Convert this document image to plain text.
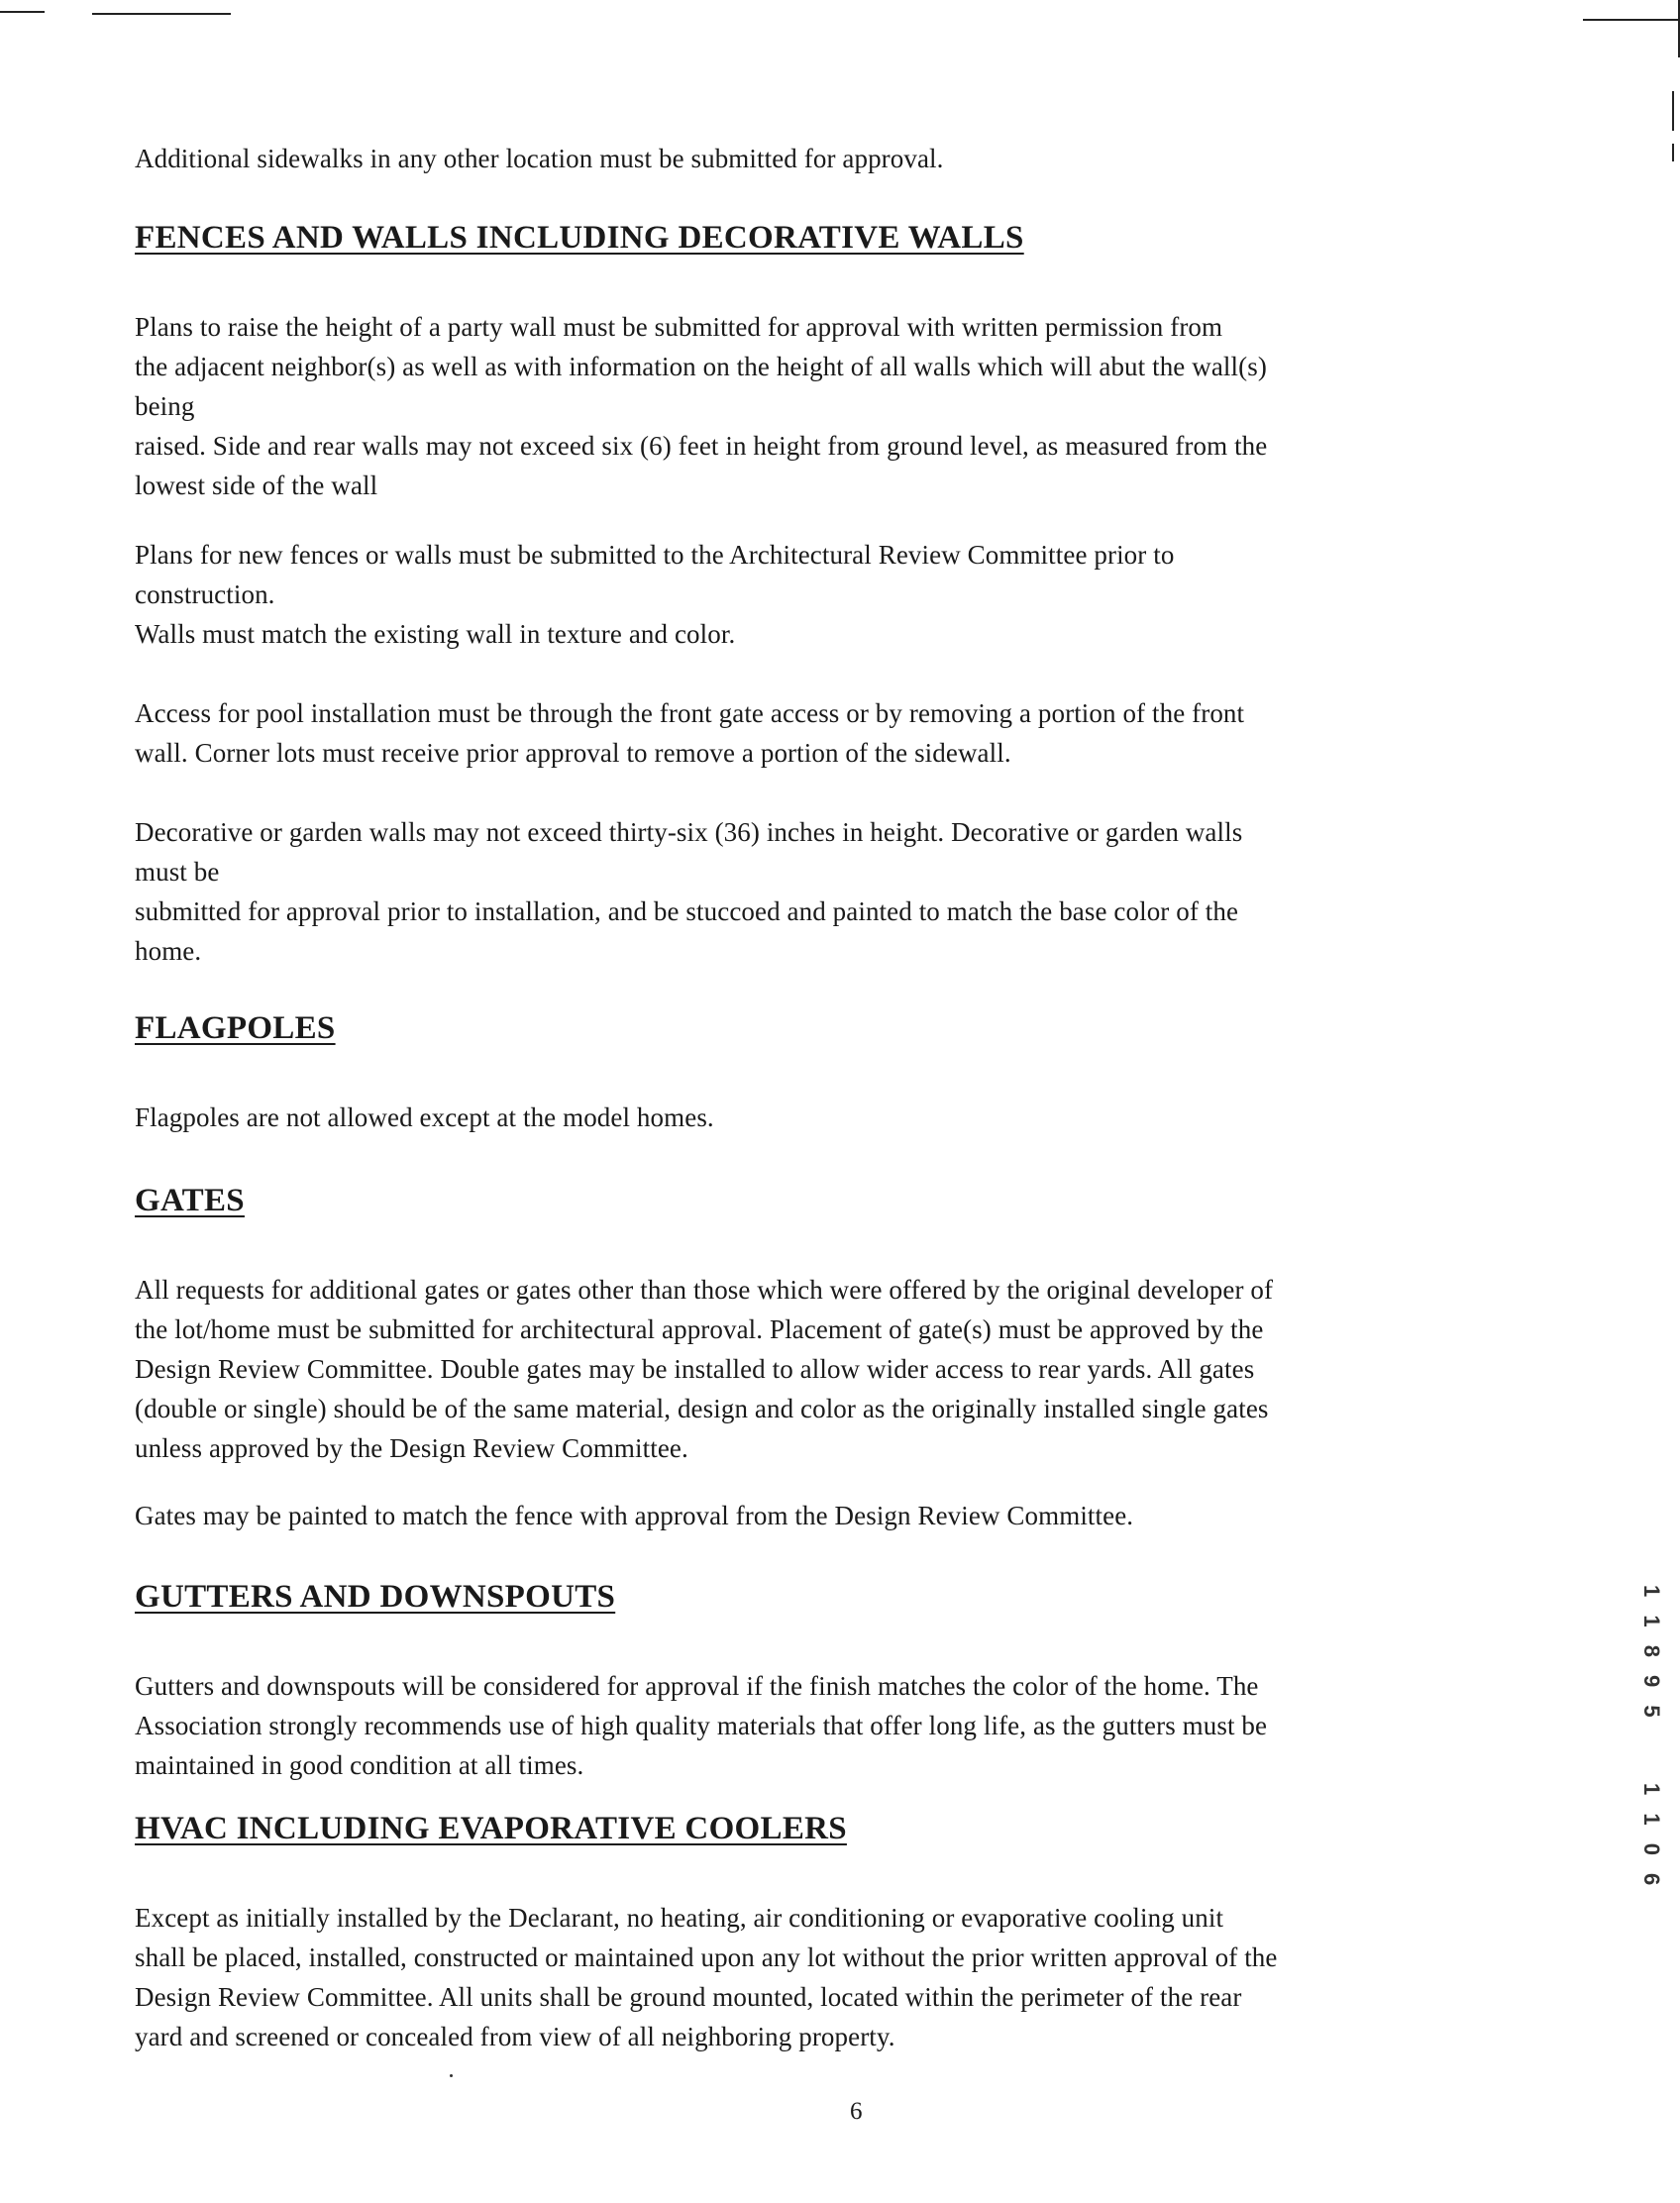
Additional sidewalks in any other location must be submitted for approval.

FENCES AND WALLS INCLUDING DECORATIVE WALLS

Plans to raise the height of a party wall must be submitted for approval with written permission from
the adjacent neighbor(s) as well as with information on the height of all walls which will abut the wall(s)
being
raised. Side and rear walls may not exceed six (6) feet in height from ground level, as measured from the
lowest side of the wall

Plans for new fences or walls must be submitted to the Architectural Review Committee prior to
construction.
Walls must match the existing wall in texture and color.

Access for pool installation must be through the front gate access or by removing a portion of the front
wall. Corner lots must receive prior approval to remove a portion of the sidewall.

Decorative or garden walls may not exceed thirty-six (36) inches in height. Decorative or garden walls
must be
submitted for approval prior to installation, and be stuccoed and painted to match the base color of the
home.

FLAGPOLES

Flagpoles are not allowed except at the model homes.

GATES

All requests for additional gates or gates other than those which were offered by the original developer of
the lot/home must be submitted for architectural approval. Placement of gate(s) must be approved by the
Design Review Committee. Double gates may be installed to allow wider access to rear yards. All gates
(double or single) should be of the same material, design and color as the originally installed single gates
unless approved by the Design Review Committee.

Gates may be painted to match the fence with approval from the Design Review Committee.

GUTTERS AND DOWNSPOUTS

Gutters and downspouts will be considered for approval if the finish matches the color of the home. The
Association strongly recommends use of high quality materials that offer long life, as the gutters must be
maintained in good condition at all times.

HVAC INCLUDING EVAPORATIVE COOLERS

Except as initially installed by the Declarant, no heating, air conditioning or evaporative cooling unit
shall be placed, installed, constructed or maintained upon any lot without the prior written approval of the
Design Review Committee. All units shall be ground mounted, located within the perimeter of the rear
yard and screened or concealed from view of all neighboring property.

6
1 1 8 9 5
1 1 0 6
